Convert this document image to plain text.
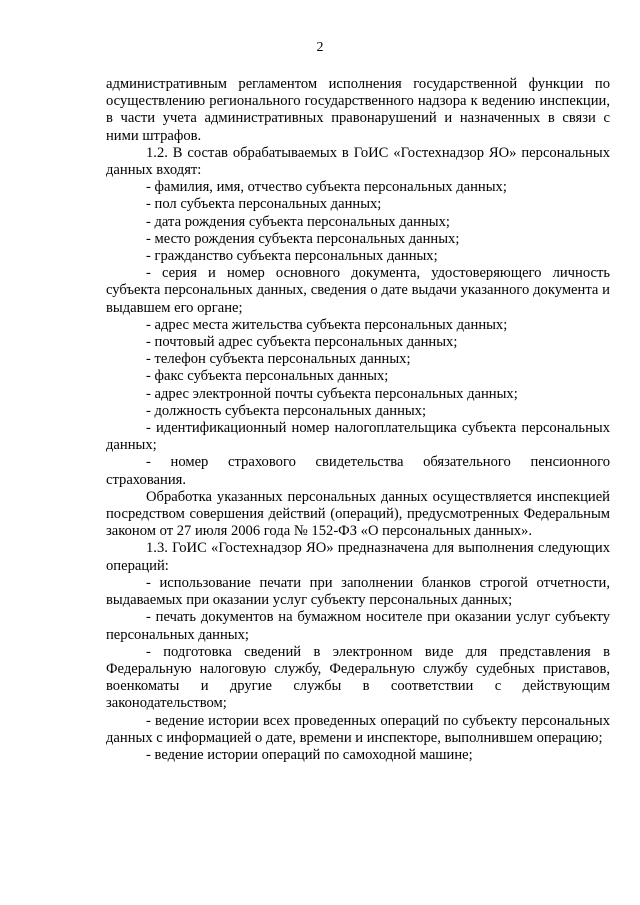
2

административным регламентом исполнения государственной функции по осуществлению регионального государственного надзора к ведению инспекции, в части учета административных правонарушений и назначенных в связи с ними штрафов.

1.2. В состав обрабатываемых в ГоИС «Гостехнадзор ЯО» персональных данных входят:

- фамилия, имя, отчество субъекта персональных данных;

- пол субъекта персональных данных;

- дата рождения субъекта персональных данных;

- место рождения субъекта персональных данных;

- гражданство субъекта персональных данных;

- серия и номер основного документа, удостоверяющего личность субъекта персональных данных, сведения о дате выдачи указанного документа и выдавшем его органе;

- адрес места жительства субъекта персональных данных;

- почтовый адрес субъекта персональных данных;

- телефон субъекта персональных данных;

- факс субъекта персональных данных;

- адрес электронной почты субъекта персональных данных;

- должность субъекта персональных данных;

- идентификационный номер налогоплательщика субъекта персональных данных;

- номер страхового свидетельства обязательного пенсионного страхования.

Обработка указанных персональных данных осуществляется инспекцией посредством совершения действий (операций), предусмотренных Федеральным законом от 27 июля 2006 года № 152-ФЗ «О персональных данных».

1.3. ГоИС «Гостехнадзор ЯО» предназначена для выполнения следующих операций:

- использование печати при заполнении бланков строгой отчетности, выдаваемых при оказании услуг субъекту персональных данных;

- печать документов на бумажном носителе при оказании услуг субъекту персональных данных;

- подготовка сведений в электронном виде для представления в Федеральную налоговую службу, Федеральную службу судебных приставов, военкоматы и другие службы в соответствии с действующим законодательством;

- ведение истории всех проведенных операций по субъекту персональных данных с информацией о дате, времени и инспекторе, выполнившем операцию;

- ведение истории операций по самоходной машине;
